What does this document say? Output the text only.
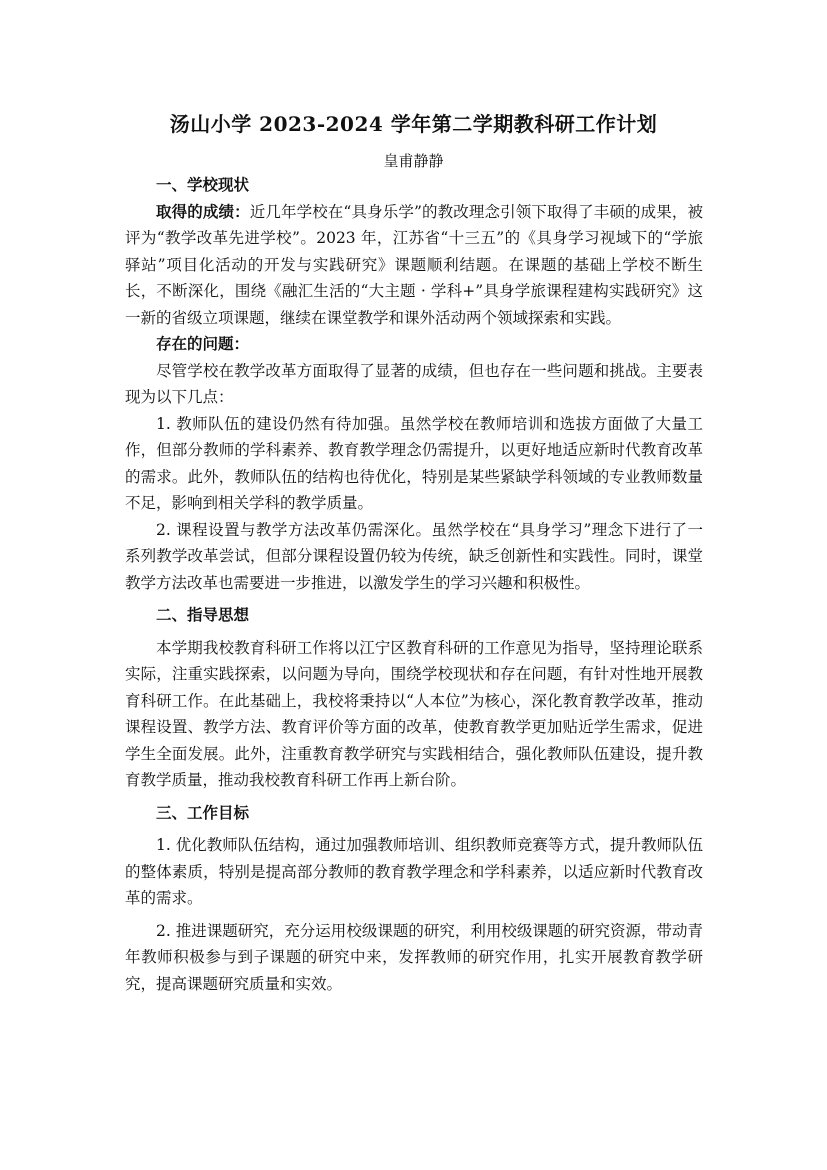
汤山小学 2023-2024 学年第二学期教科研工作计划
皇甫静静

一、学校现状

取得的成绩：近几年学校在“具身乐学”的教改理念引领下取得了丰硕的成果，被评为“教学改革先进学校”。2023 年，江苏省“十三五”的《具身学习视域下的“学旅驿站”项目化活动的开发与实践研究》课题顺利结题。在课题的基础上学校不断生长，不断深化，围绕《融汇生活的“大主题 · 学科+”具身学旅课程建构实践研究》这一新的省级立项课题，继续在课堂教学和课外活动两个领域探索和实践。

存在的问题：

尽管学校在教学改革方面取得了显著的成绩，但也存在一些问题和挑战。主要表现为以下几点：

1. 教师队伍的建设仍然有待加强。虽然学校在教师培训和选拔方面做了大量工作，但部分教师的学科素养、教育教学理念仍需提升，以更好地适应新时代教育改革的需求。此外，教师队伍的结构也待优化，特别是某些紧缺学科领域的专业教师数量不足，影响到相关学科的教学质量。

2. 课程设置与教学方法改革仍需深化。虽然学校在“具身学习”理念下进行了一系列教学改革尝试，但部分课程设置仍较为传统，缺乏创新性和实践性。同时，课堂教学方法改革也需要进一步推进，以激发学生的学习兴趣和积极性。

二、指导思想

本学期我校教育科研工作将以江宁区教育科研的工作意见为指导，坚持理论联系实际，注重实践探索，以问题为导向，围绕学校现状和存在问题，有针对性地开展教育科研工作。在此基础上，我校将秉持以“人本位”为核心，深化教育教学改革，推动课程设置、教学方法、教育评价等方面的改革，使教育教学更加贴近学生需求，促进学生全面发展。此外，注重教育教学研究与实践相结合，强化教师队伍建设，提升教育教学质量，推动我校教育科研工作再上新台阶。

三、工作目标

1. 优化教师队伍结构，通过加强教师培训、组织教师竞赛等方式，提升教师队伍的整体素质，特别是提高部分教师的教育教学理念和学科素养，以适应新时代教育改革的需求。

2. 推进课题研究，充分运用校级课题的研究，利用校级课题的研究资源，带动青年教师积极参与到子课题的研究中来，发挥教师的研究作用，扎实开展教育教学研究，提高课题研究质量和实效。
